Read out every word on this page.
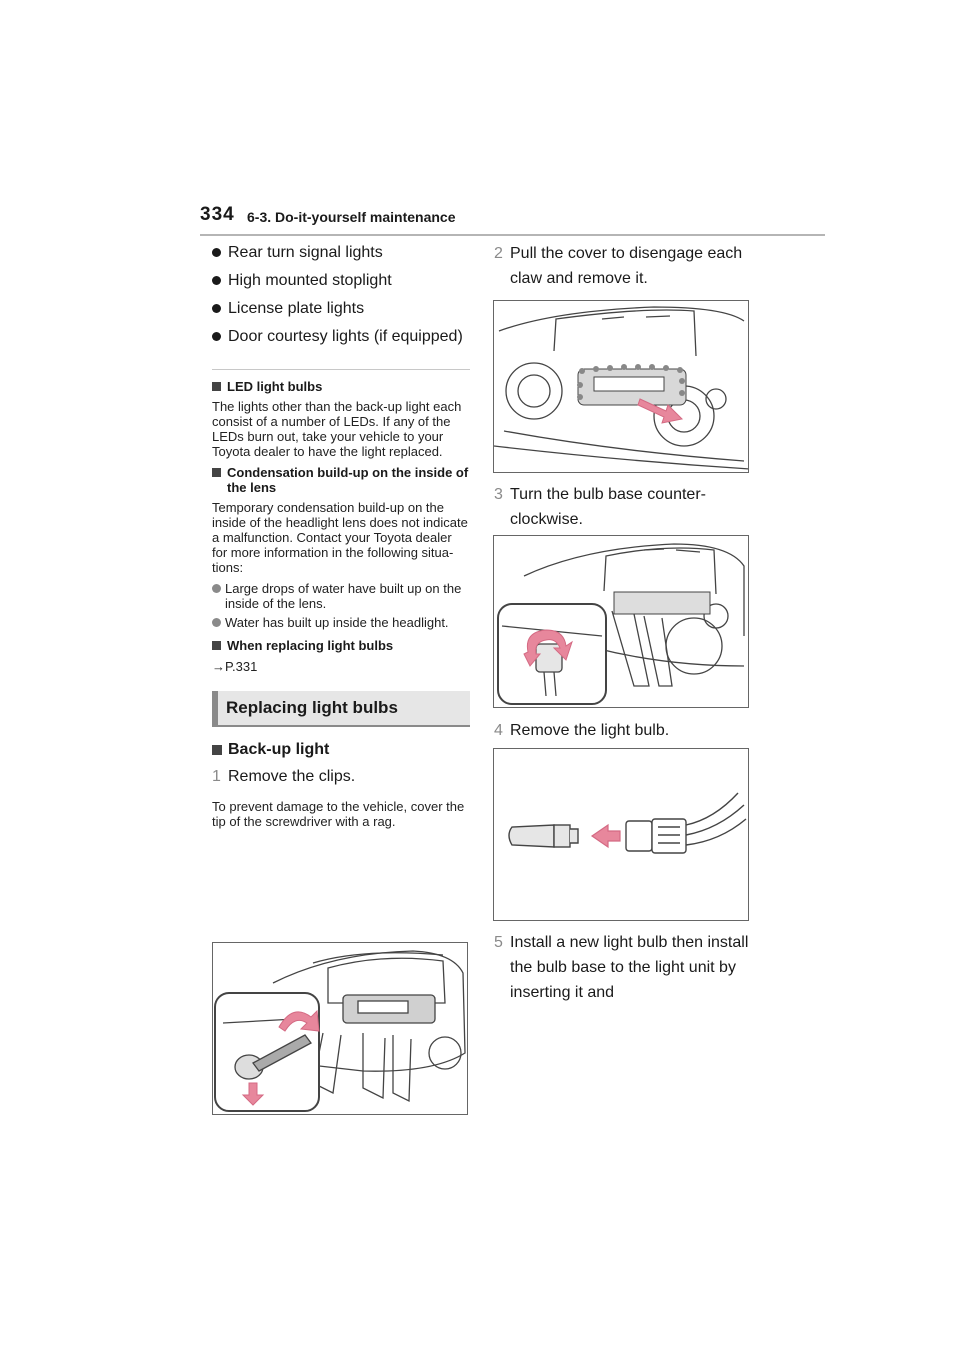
334 6-3. Do-it-yourself maintenance
Rear turn signal lights
High mounted stoplight
License plate lights
Door courtesy lights (if equipped)
LED light bulbs
The lights other than the back-up light each consist of a number of LEDs. If any of the LEDs burn out, take your vehicle to your Toyota dealer to have the light replaced.
Condensation build-up on the inside of the lens
Temporary condensation build-up on the inside of the headlight lens does not indicate a malfunction. Contact your Toyota dealer for more information in the following situa-tions:
Large drops of water have built up on the inside of the lens.
Water has built up inside the headlight.
When replacing light bulbs
→P.331
Replacing light bulbs
Back-up light
1 Remove the clips.
To prevent damage to the vehicle, cover the tip of the screwdriver with a rag.
2 Pull the cover to disengage each claw and remove it.
3 Turn the bulb base counter-clockwise.
4 Remove the light bulb.
5 Install a new light bulb then install the bulb base to the light unit by inserting it and
